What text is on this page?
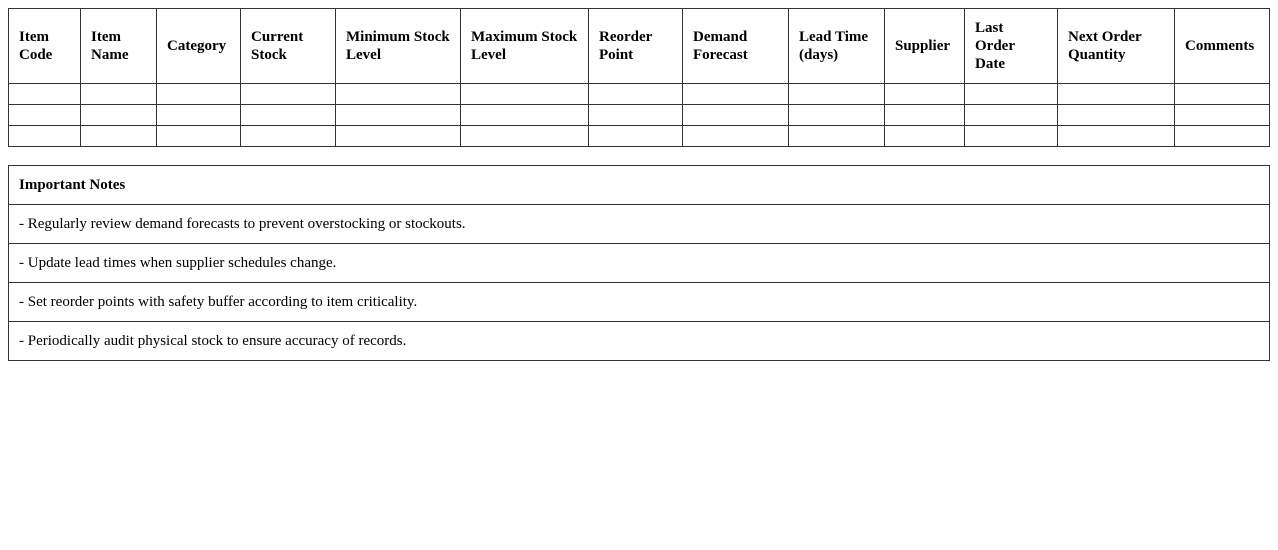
Item Code	Item Name	Category	Current Stock	Minimum Stock Level	Maximum Stock Level	Reorder Point	Demand Forecast	Lead Time (days)	Supplier	Last Order Date	Next Order Quantity	Comments

Important Notes
- Regularly review demand forecasts to prevent overstocking or stockouts.
- Update lead times when supplier schedules change.
- Set reorder points with safety buffer according to item criticality.
- Periodically audit physical stock to ensure accuracy of records.
